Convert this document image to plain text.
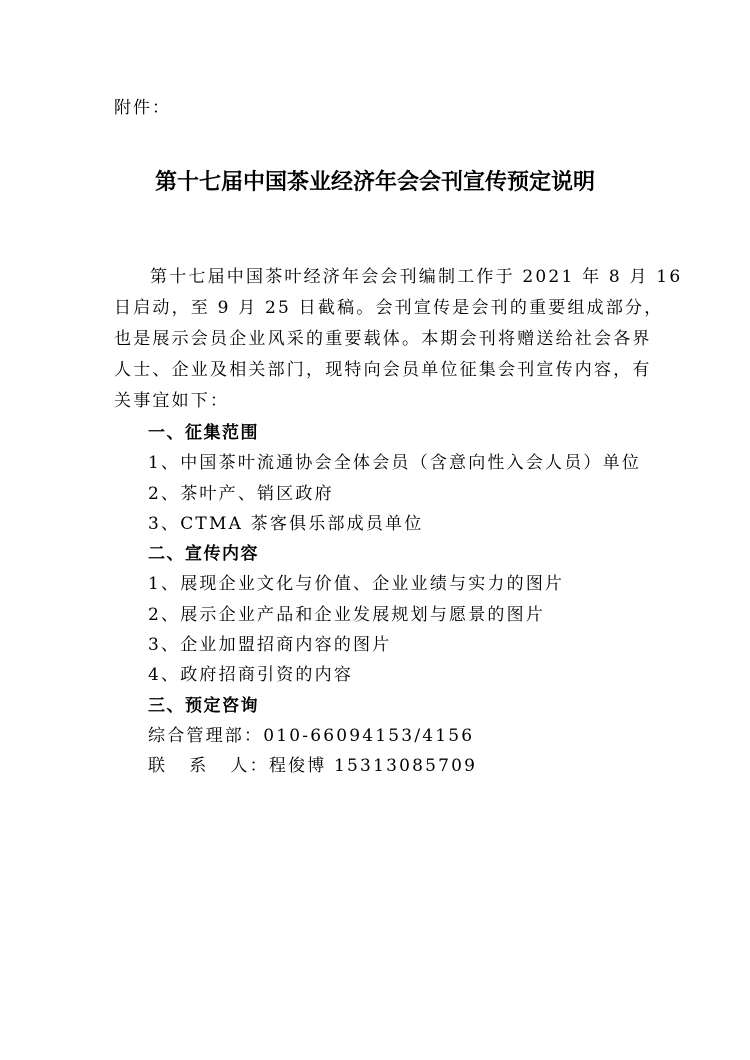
附件：
第十七届中国茶业经济年会会刊宣传预定说明
第十七届中国茶叶经济年会会刊编制工作于 2021 年 8 月 16
日启动，至 9 月 25 日截稿。会刊宣传是会刊的重要组成部分，
也是展示会员企业风采的重要载体。本期会刊将赠送给社会各界
人士、企业及相关部门，现特向会员单位征集会刊宣传内容，有
关事宜如下：
一、征集范围
1、中国茶叶流通协会全体会员（含意向性入会人员）单位
2、茶叶产、销区政府
3、CTMA 茶客俱乐部成员单位
二、宣传内容
1、展现企业文化与价值、企业业绩与实力的图片
2、展示企业产品和企业发展规划与愿景的图片
3、企业加盟招商内容的图片
4、政府招商引资的内容
三、预定咨询
综合管理部：010-66094153/4156
联 系 人：程俊博 15313085709
